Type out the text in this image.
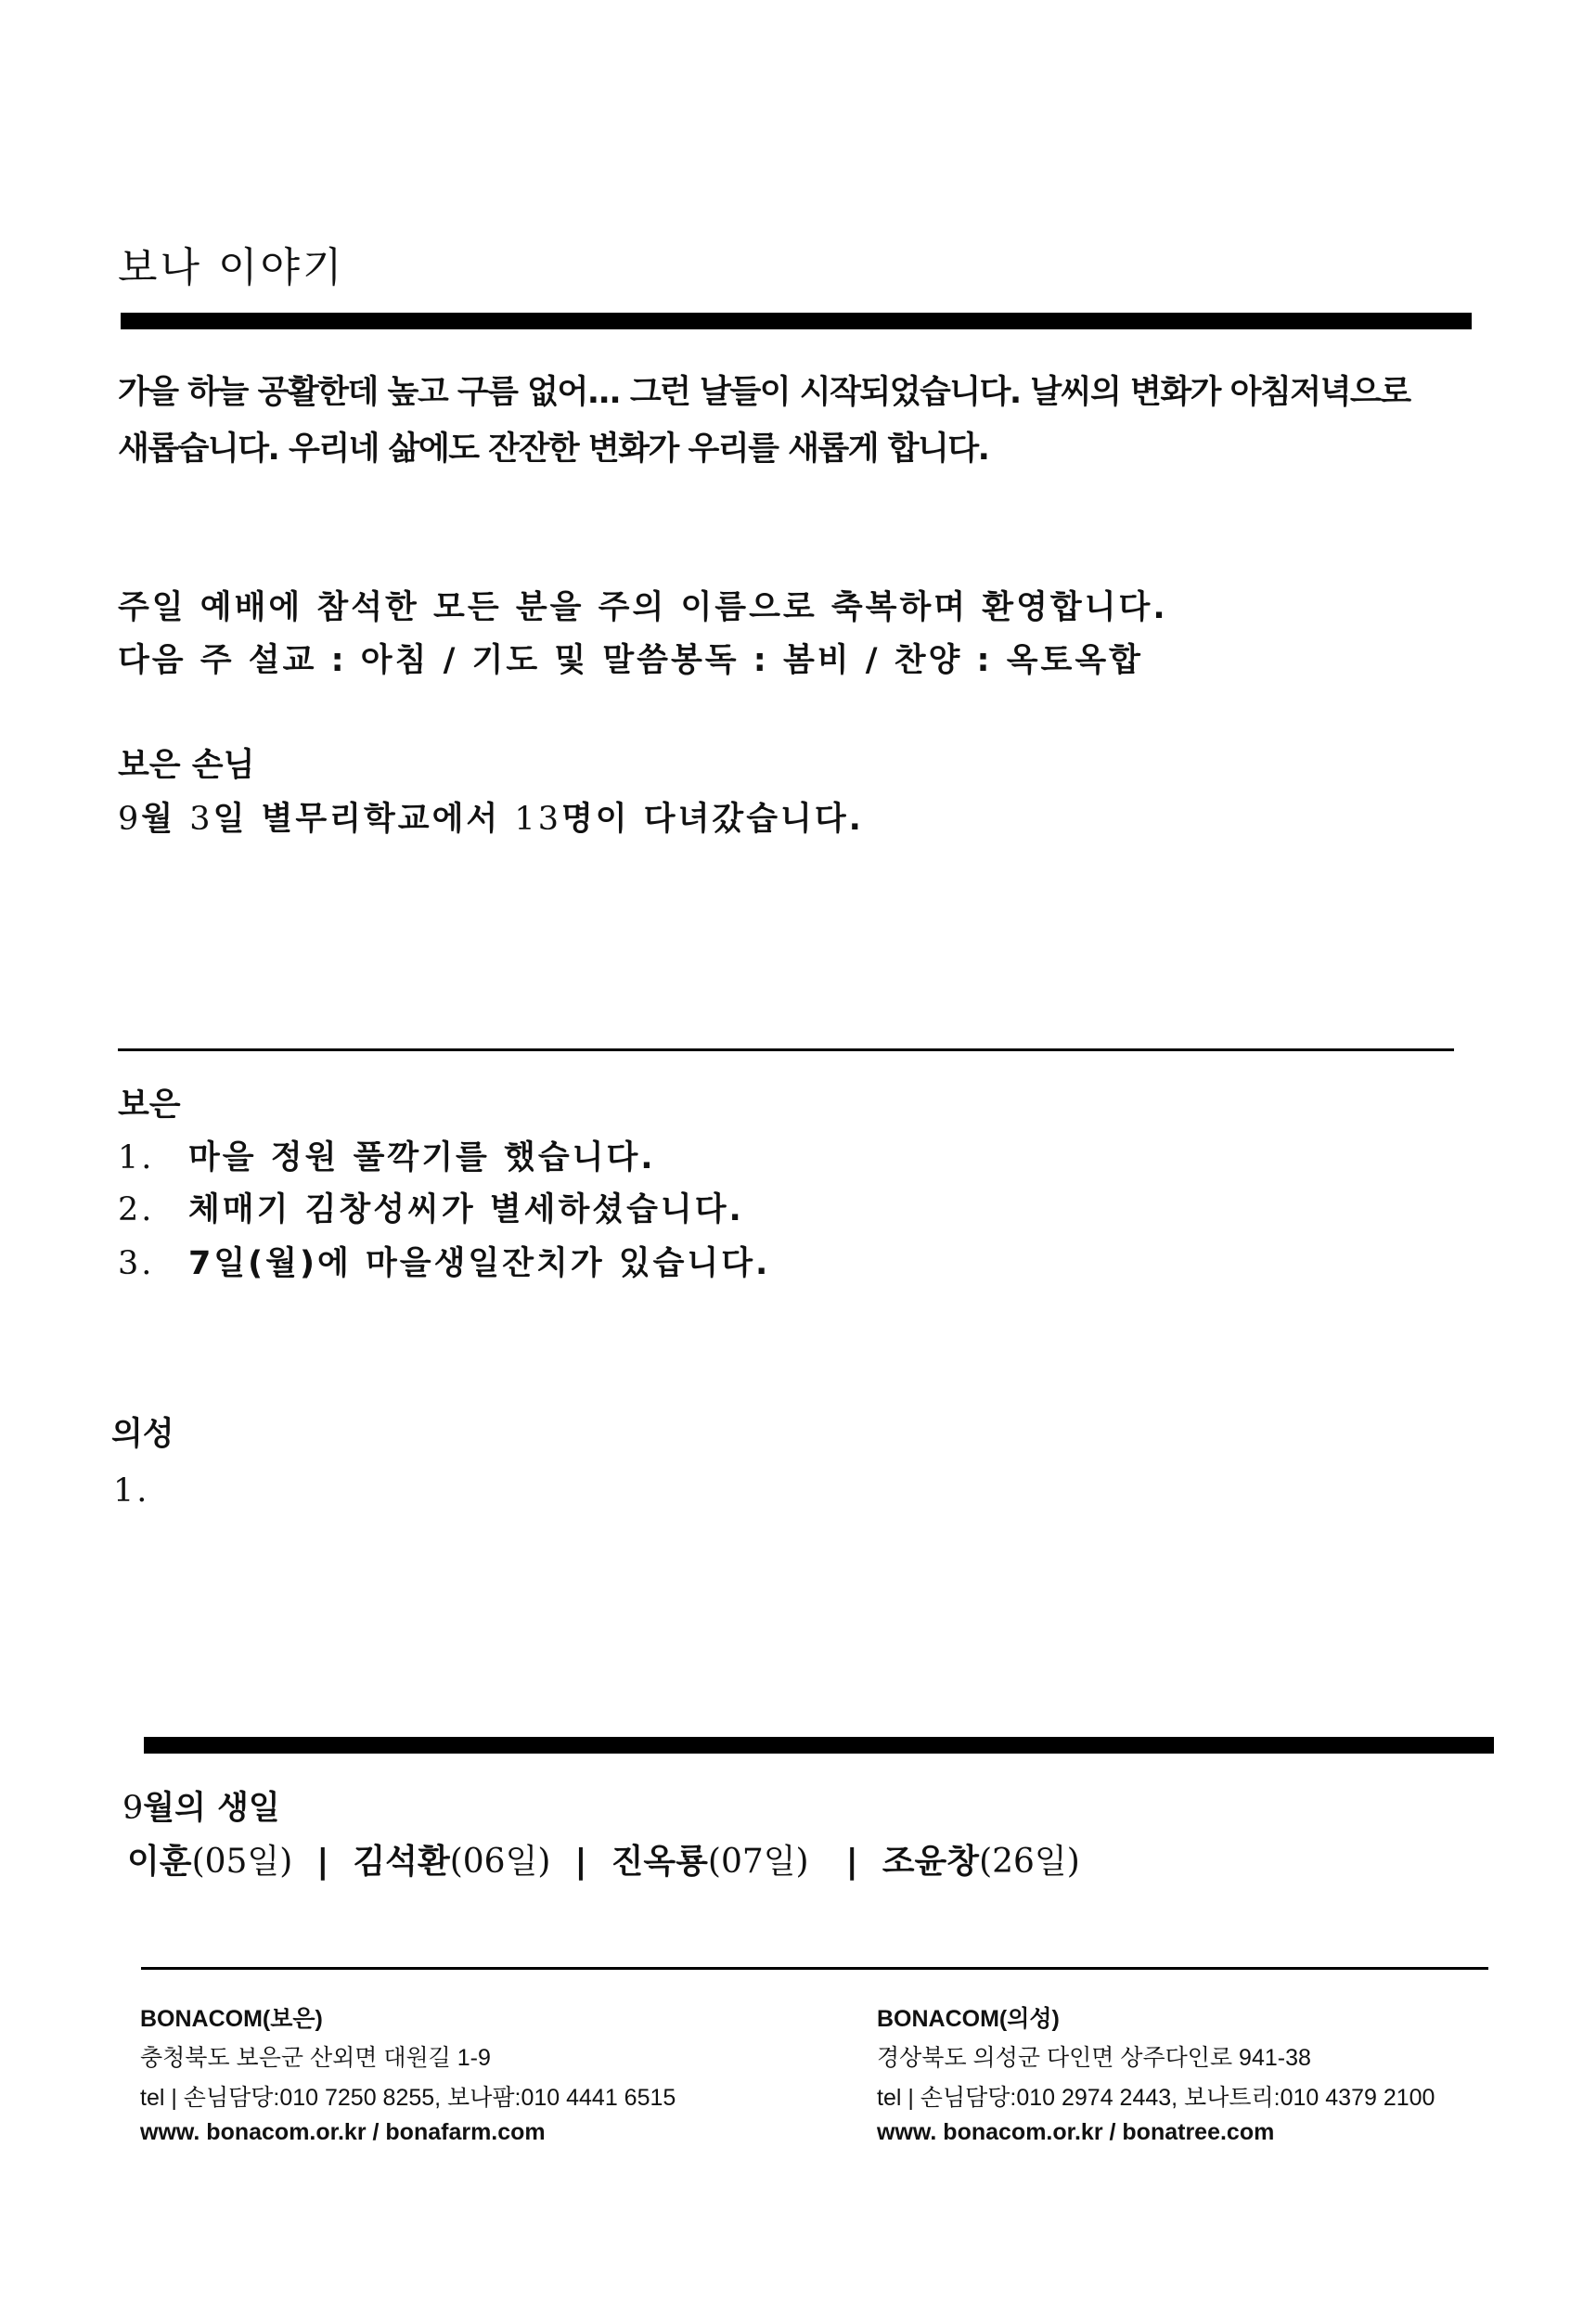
보나 이야기
가을 하늘 공활한데 높고 구름 없어... 그런 날들이 시작되었습니다. 날씨의 변화가 아침저녁으로
새롭습니다. 우리네 삶에도 잔잔한 변화가 우리를 새롭게 합니다.
주일 예배에 참석한 모든 분을 주의 이름으로 축복하며 환영합니다.
다음 주 설교 : 아침 / 기도 및 말씀봉독 : 봄비 / 찬양 : 옥토옥합
보은 손님
9월 3일 별무리학교에서 13명이 다녀갔습니다.
보은
1. 마을 정원 풀깍기를 했습니다.
2. 체매기 김창성씨가 별세하셨습니다.
3. 7일(월)에 마을생일잔치가 있습니다.
의성
1.
9월의 생일
이훈(05일) | 김석환(06일) | 진옥룡(07일) | 조윤창(26일)
BONACOM(보은)
충청북도 보은군 산외면 대원길 1-9
tel | 손님담당:010 7250 8255, 보나팜:010 4441 6515
www. bonacom.or.kr / bonafarm.com
BONACOM(의성)
경상북도 의성군 다인면 상주다인로 941-38
tel | 손님담당:010 2974 2443, 보나트리:010 4379 2100
www. bonacom.or.kr / bonatree.com
